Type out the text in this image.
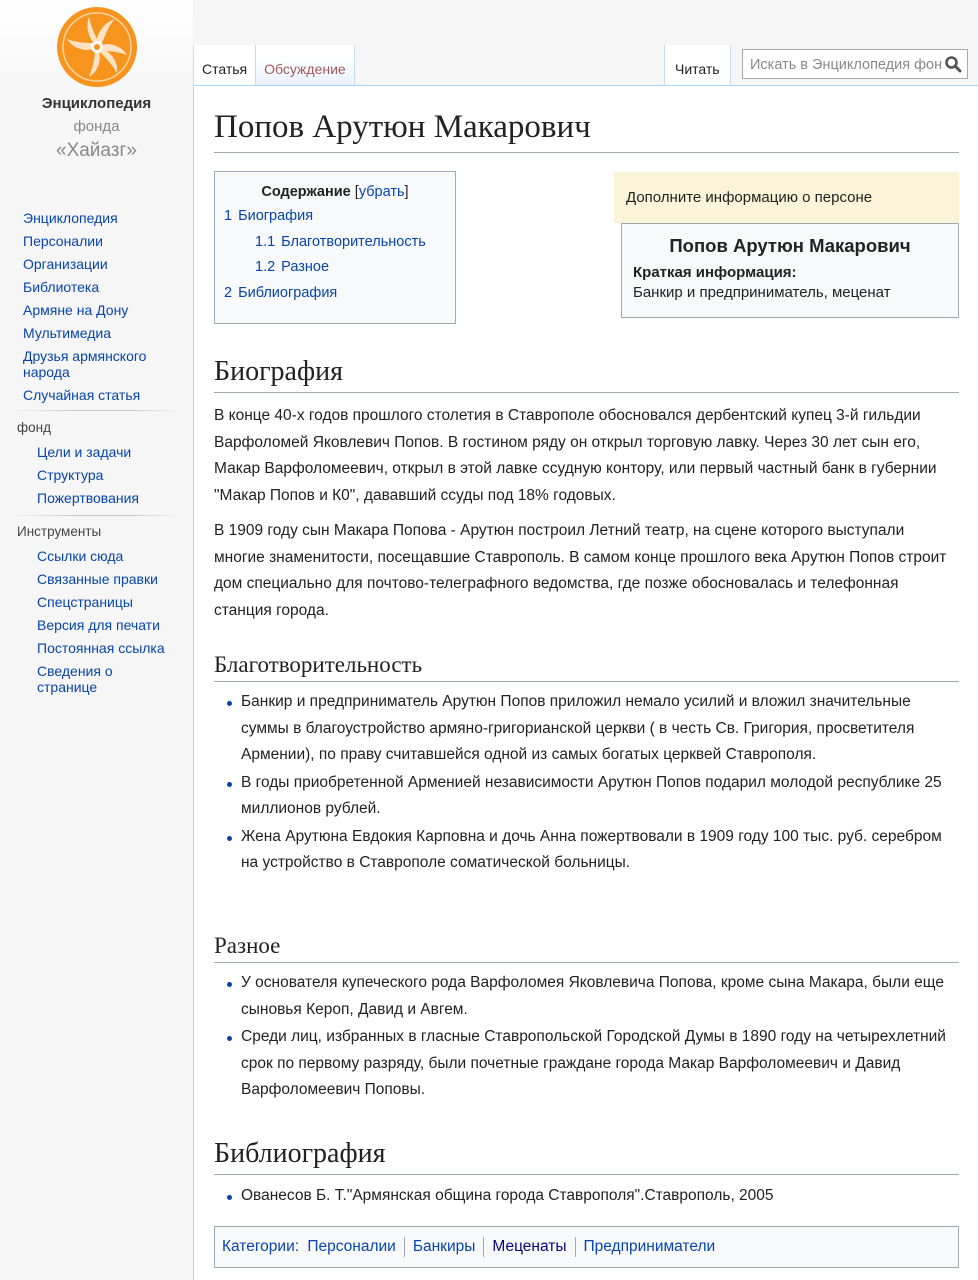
Энциклопедия
фонда
«Хайазг»
Энциклопедия
Персоналии
Организации
Библиотека
Армяне на Дону
Мультимедиа
Друзья армянского народа
Случайная статья
фонд
Цели и задачи
Структура
Пожертвования
Инструменты
Ссылки сюда
Связанные правки
Спецстраницы
Версия для печати
Постоянная ссылка
Сведения о странице
Статья	Обсуждение	Читать
Искать в Энциклопедия фонда «Хайазг»
Попов Арутюн Макарович
Содержание [убрать]
1 Биография
1.1 Благотворительность
1.2 Разное
2 Библиография
Дополните информацию о персоне
Попов Арутюн Макарович
Краткая информация:
Банкир и предприниматель, меценат
Биография

В конце 40-х годов прошлого столетия в Ставрополе обосновался дербентский купец 3-й гильдии Варфоломей Яковлевич Попов. В гостином ряду он открыл торговую лавку. Через 30 лет сын его, Макар Варфоломеевич, открыл в этой лавке ссудную контору, или первый частный банк в губернии "Макар Попов и К0", дававший ссуды под 18% годовых.

В 1909 году сын Макара Попова - Арутюн построил Летний театр, на сцене которого выступали многие знаменитости, посещавшие Ставрополь. В самом конце прошлого века Арутюн Попов строит дом специально для почтово-телеграфного ведомства, где позже обосновалась и телефонная станция города.

Благотворительность
Банкир и предприниматель Арутюн Попов приложил немало усилий и вложил значительные суммы в благоустройство армяно-григорианской церкви ( в честь Св. Григория, просветителя Армении), по праву считавшейся одной из самых богатых церквей Ставрополя.
В годы приобретенной Арменией независимости Арутюн Попов подарил молодой республике 25 миллионов рублей.
Жена Арутюна Евдокия Карповна и дочь Анна пожертвовали в 1909 году 100 тыс. руб. серебром на устройство в Ставрополе соматической больницы.
Разное
У основателя купеческого рода Варфоломея Яковлевича Попова, кроме сына Макара, были еще сыновья Кероп, Давид и Авгем.
Среди лиц, избранных в гласные Ставропольской Городской Думы в 1890 году на четырехлетний срок по первому разряду, были почетные граждане города Макар Варфоломеевич и Давид Варфоломеевич Поповы.
Библиография
Ованесов Б. Т."Армянская община города Ставрополя".Ставрополь, 2005
Категории: Персоналии Банкиры Меценаты Предприниматели
